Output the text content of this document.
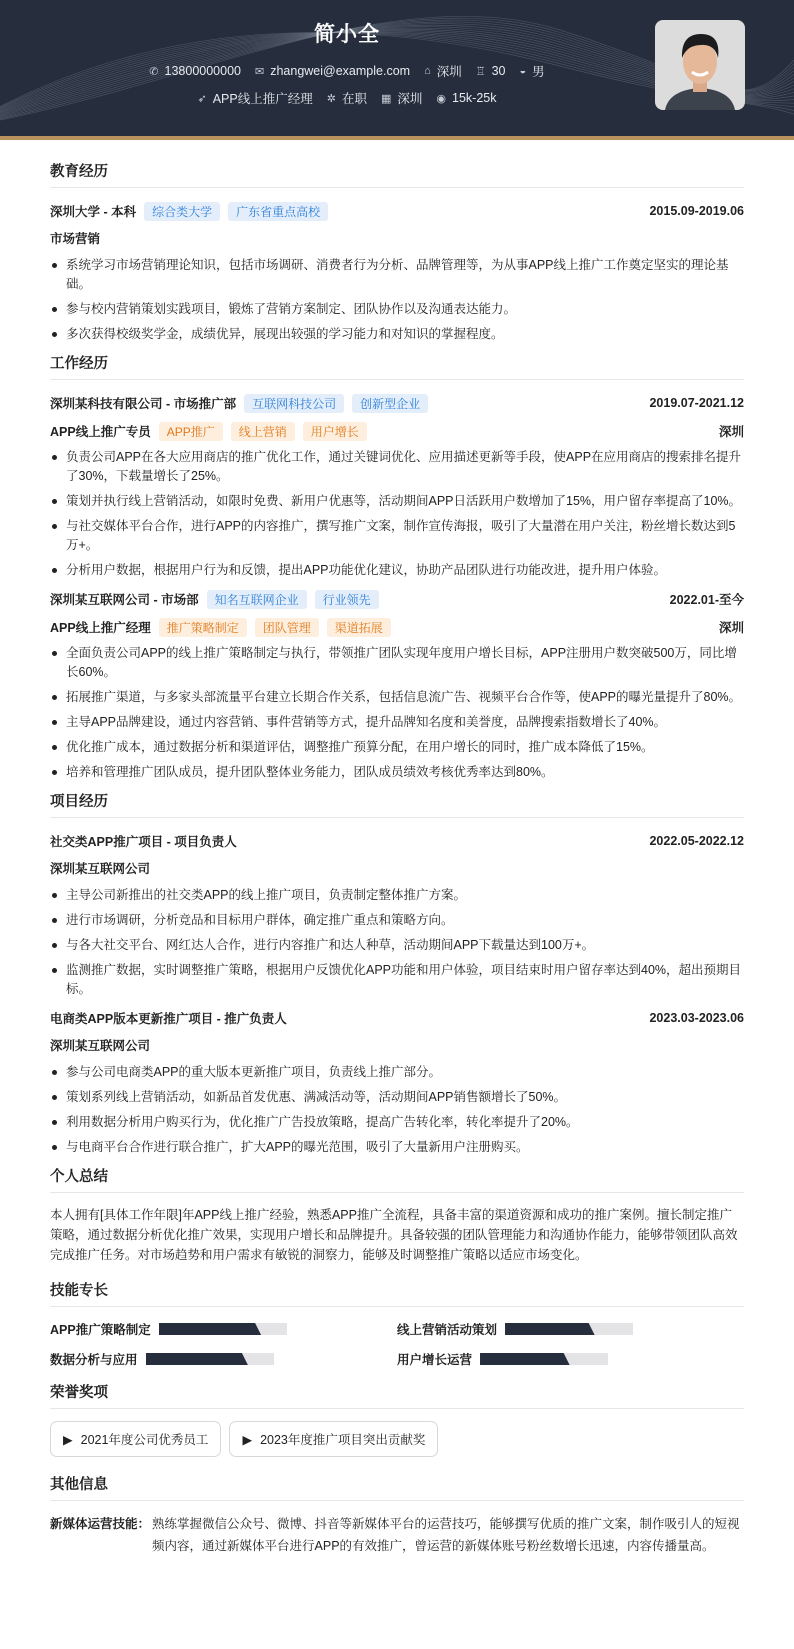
简小全
✆ 13800000000 ✉ zhangwei@example.com ⌂ 深圳 ♖ 30 ◒ 男
➶ APP线上推广经理 ✲ 在职 ▦ 深圳 ◉ 15k-25k
教育经历
深圳大学 - 本科	综合类大学	广东省重点高校	2015.09-2019.06
市场营销
系统学习市场营销理论知识，包括市场调研、消费者行为分析、品牌管理等，为从事APP线上推广工作奠定坚实的理论基础。
参与校内营销策划实践项目，锻炼了营销方案制定、团队协作以及沟通表达能力。
多次获得校级奖学金，成绩优异，展现出较强的学习能力和对知识的掌握程度。
工作经历
深圳某科技有限公司 - 市场推广部	互联网科技公司	创新型企业	2019.07-2021.12
APP线上推广专员	APP推广	线上营销	用户增长	深圳
负责公司APP在各大应用商店的推广优化工作，通过关键词优化、应用描述更新等手段，使APP在应用商店的搜索排名提升了30%，下载量增长了25%。
策划并执行线上营销活动，如限时免费、新用户优惠等，活动期间APP日活跃用户数增加了15%，用户留存率提高了10%。
与社交媒体平台合作，进行APP的内容推广，撰写推广文案，制作宣传海报，吸引了大量潜在用户关注，粉丝增长数达到5万+。
分析用户数据，根据用户行为和反馈，提出APP功能优化建议，协助产品团队进行功能改进，提升用户体验。
深圳某互联网公司 - 市场部	知名互联网企业	行业领先	2022.01-至今
APP线上推广经理	推广策略制定	团队管理	渠道拓展	深圳
全面负责公司APP的线上推广策略制定与执行，带领推广团队实现年度用户增长目标，APP注册用户数突破500万，同比增长60%。
拓展推广渠道，与多家头部流量平台建立长期合作关系，包括信息流广告、视频平台合作等，使APP的曝光量提升了80%。
主导APP品牌建设，通过内容营销、事件营销等方式，提升品牌知名度和美誉度，品牌搜索指数增长了40%。
优化推广成本，通过数据分析和渠道评估，调整推广预算分配，在用户增长的同时，推广成本降低了15%。
培养和管理推广团队成员，提升团队整体业务能力，团队成员绩效考核优秀率达到80%。
项目经历
社交类APP推广项目 - 项目负责人	2022.05-2022.12
深圳某互联网公司
主导公司新推出的社交类APP的线上推广项目，负责制定整体推广方案。
进行市场调研，分析竞品和目标用户群体，确定推广重点和策略方向。
与各大社交平台、网红达人合作，进行内容推广和达人种草，活动期间APP下载量达到100万+。
监测推广数据，实时调整推广策略，根据用户反馈优化APP功能和用户体验，项目结束时用户留存率达到40%，超出预期目标。
电商类APP版本更新推广项目 - 推广负责人	2023.03-2023.06
深圳某互联网公司
参与公司电商类APP的重大版本更新推广项目，负责线上推广部分。
策划系列线上营销活动，如新品首发优惠、满减活动等，活动期间APP销售额增长了50%。
利用数据分析用户购买行为，优化推广广告投放策略，提高广告转化率，转化率提升了20%。
与电商平台合作进行联合推广，扩大APP的曝光范围，吸引了大量新用户注册购买。
个人总结
本人拥有[具体工作年限]年APP线上推广经验，熟悉APP推广全流程，具备丰富的渠道资源和成功的推广案例。擅长制定推广策略，通过数据分析优化推广效果，实现用户增长和品牌提升。具备较强的团队管理能力和沟通协作能力，能够带领团队高效完成推广任务。对市场趋势和用户需求有敏锐的洞察力，能够及时调整推广策略以适应市场变化。
技能专长
APP推广策略制定	线上营销活动策划
数据分析与应用	用户增长运营
荣誉奖项
▶ 2021年度公司优秀员工	▶ 2023年度推广项目突出贡献奖
其他信息
新媒体运营技能： 熟练掌握微信公众号、微博、抖音等新媒体平台的运营技巧，能够撰写优质的推广文案，制作吸引人的短视频内容，通过新媒体平台进行APP的有效推广，曾运营的新媒体账号粉丝数增长迅速，内容传播量高。
